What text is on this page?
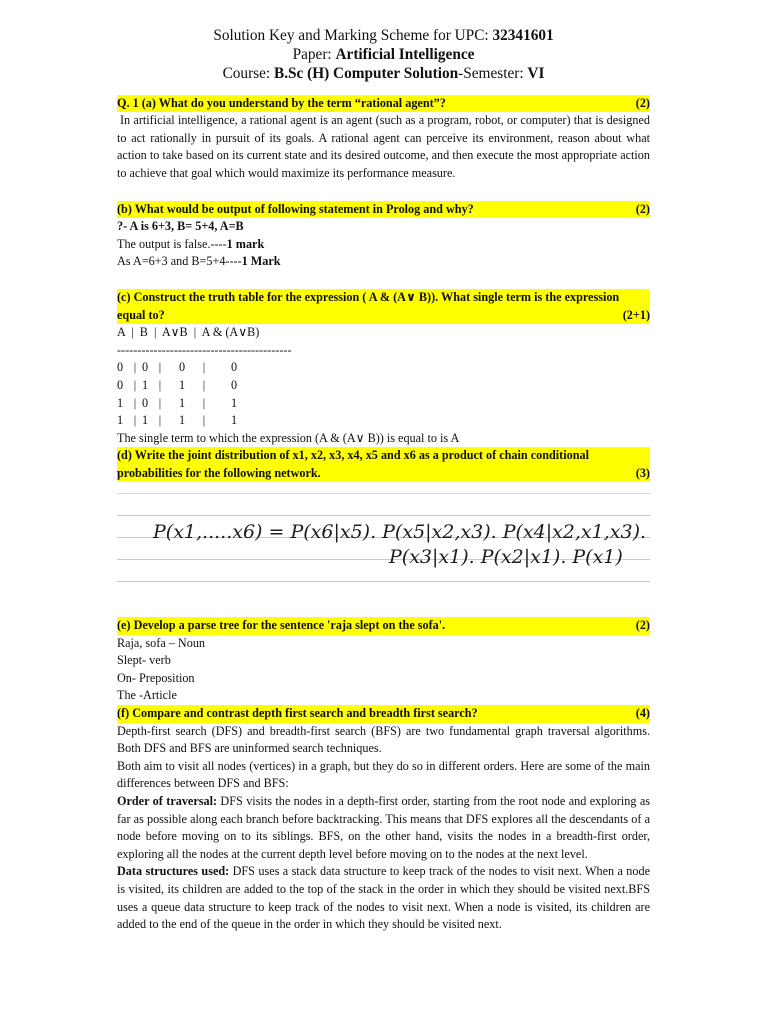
Solution Key and Marking Scheme for UPC: 32341601
Paper: Artificial Intelligence
Course: B.Sc (H) Computer Solution-Semester: VI
Q. 1 (a) What do you understand by the term “rational agent”?	(2)

In artificial intelligence, a rational agent is an agent (such as a program, robot, or computer) that is designed to act rationally in pursuit of its goals. A rational agent can perceive its environment, reason about what action to take based on its current state and its desired outcome, and then execute the most appropriate action to achieve that goal which would maximize its performance measure.

(b) What would be output of following statement in Prolog and why?	(2)
?- A is 6+3, B= 5+4, A=B
The output is false.----1 mark
As A=6+3 and B=5+4----1 Mark
(c) Construct the truth table for the expression ( A & (A∨ B)). What single term is the expression
equal to?	(2+1)
A  |  B  |  A∨B  |  A & (A∨B)
-------------------------------------------
0 | 0 |	0	|	0
0 | 1 |	1	|	0
1 | 0 |	1	|	1
1 | 1 |	1	|	1
The single term to which the expression (A & (A∨ B)) is equal to is A
(d) Write the joint distribution of x1, x2, x3, x4, x5 and x6 as a product of chain conditional
probabilities for the following network.	(3)
P(x1,.....x6) = P(x6|x5). P(x5|x2,x3). P(x4|x2,x1,x3).
P(x3|x1). P(x2|x1). P(x1)
(e) Develop a parse tree for the sentence 'raja slept on the sofa'.	(2)
Raja, sofa – Noun
Slept- verb
On- Preposition
The -Article
(f) Compare and contrast depth first search and breadth first search?	(4)

Depth-first search (DFS) and breadth-first search (BFS) are two fundamental graph traversal algorithms. Both DFS and BFS are uninformed search techniques.

Both aim to visit all nodes (vertices) in a graph, but they do so in different orders. Here are some of the main differences between DFS and BFS:

Order of traversal: DFS visits the nodes in a depth-first order, starting from the root node and exploring as far as possible along each branch before backtracking. This means that DFS explores all the descendants of a node before moving on to its siblings. BFS, on the other hand, visits the nodes in a breadth-first order, exploring all the nodes at the current depth level before moving on to the nodes at the next level.

Data structures used: DFS uses a stack data structure to keep track of the nodes to visit next. When a node is visited, its children are added to the top of the stack in the order in which they should be visited next.BFS uses a queue data structure to keep track of the nodes to visit next. When a node is visited, its children are added to the end of the queue in the order in which they should be visited next.
